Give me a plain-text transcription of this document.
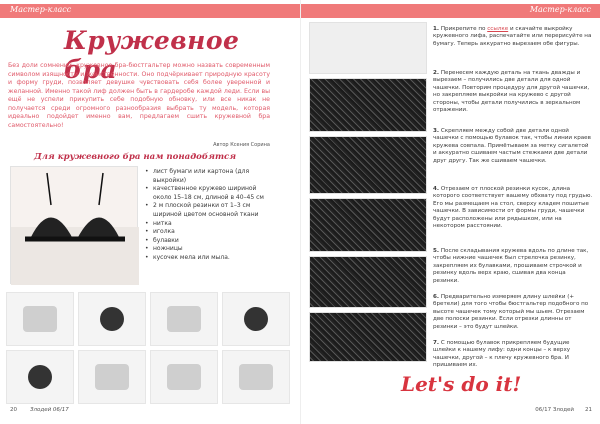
Мастер-класс
Кружевное бра

Без доли сомнений, кружевное бра-бюстгальтер можно назвать современным символом изящности и женственности. Оно подчёркивает природную красоту и форму груди, позволяет девушке чувствовать себя более уверенной и желанной. Именно такой лиф должен быть в гардеробе каждой леди. Если вы ещё не успели прикупить себе подобную обновку, или все никак не получается среди огромного разнообразия выбрать ту модель, которая идеально подойдет именно вам, предлагаем сшить кружевной бра самостоятельно!

Автор Ксения Сорина
Для кружевного бра нам понадобятся
• лист бумаги или картона (для выкройки)
• качественное кружево шириной около 15–18 см, длиной в 40–45 см
• 2 м плоской резинки от 1–3 см шириной цветом основной ткани
• нитка
• иголка
• булавки
• ножницы
• кусочек мела или мыла.
20 Злодей 06/17
Мастер-класс
1. Прикрепите по ссылке и скачайте выкройку кружевного лифа, распечатайте или перерисуйте на бумагу. Теперь аккуратно вырезаем обе фигуры.
2. Перенесем каждую деталь на ткань дважды и вырезаем – получились две детали для одной чашечки. Повторим процедуру для другой чашечки, но закрепляем выкройки на кружево с другой стороны, чтобы детали получились в зеркальном отражении.
3. Скрепляем между собой две детали одной чашечки с помощью булавок так, чтобы линии краев кружева совпала. Примётываем за метку сигалетой и аккуратно сшиваем частым стежками две детали друг другу. Так же сшиваем чашечки.
4. Отрезаем от плоской резинки кусок, длина которого соответствует вашему обхвату под грудью. Его мы размещаем на стол, сверху кладем пошитые чашечки. В зависимости от формы груди, чашечки будут расположены или рядышком, или на некотором расстоянии.
5. После складывания кружева вдоль по длине так, чтобы нижние чашечек был стрелочка резинку, закрепляем их булавками, прошиваем строчкой и резинку вдоль верх краю, сшивая два конца резинки.
6. Предварительно измеряем длину шлейки (+ бретели) для того чтобы бюстгальтер подобного по высоте чашечек тому который мы шьем. Отрезаем две полоски резинки. Если отрезки длинны от резинки – это будут шлейки.
7. С помощью булавок прикрепляем будущие шлейки к нашему лифу: одни концы – к верху чашечки, другой – к плечу кружевного бра. И пришиваем их.
Let's do it!
06/17 Злодей 21
